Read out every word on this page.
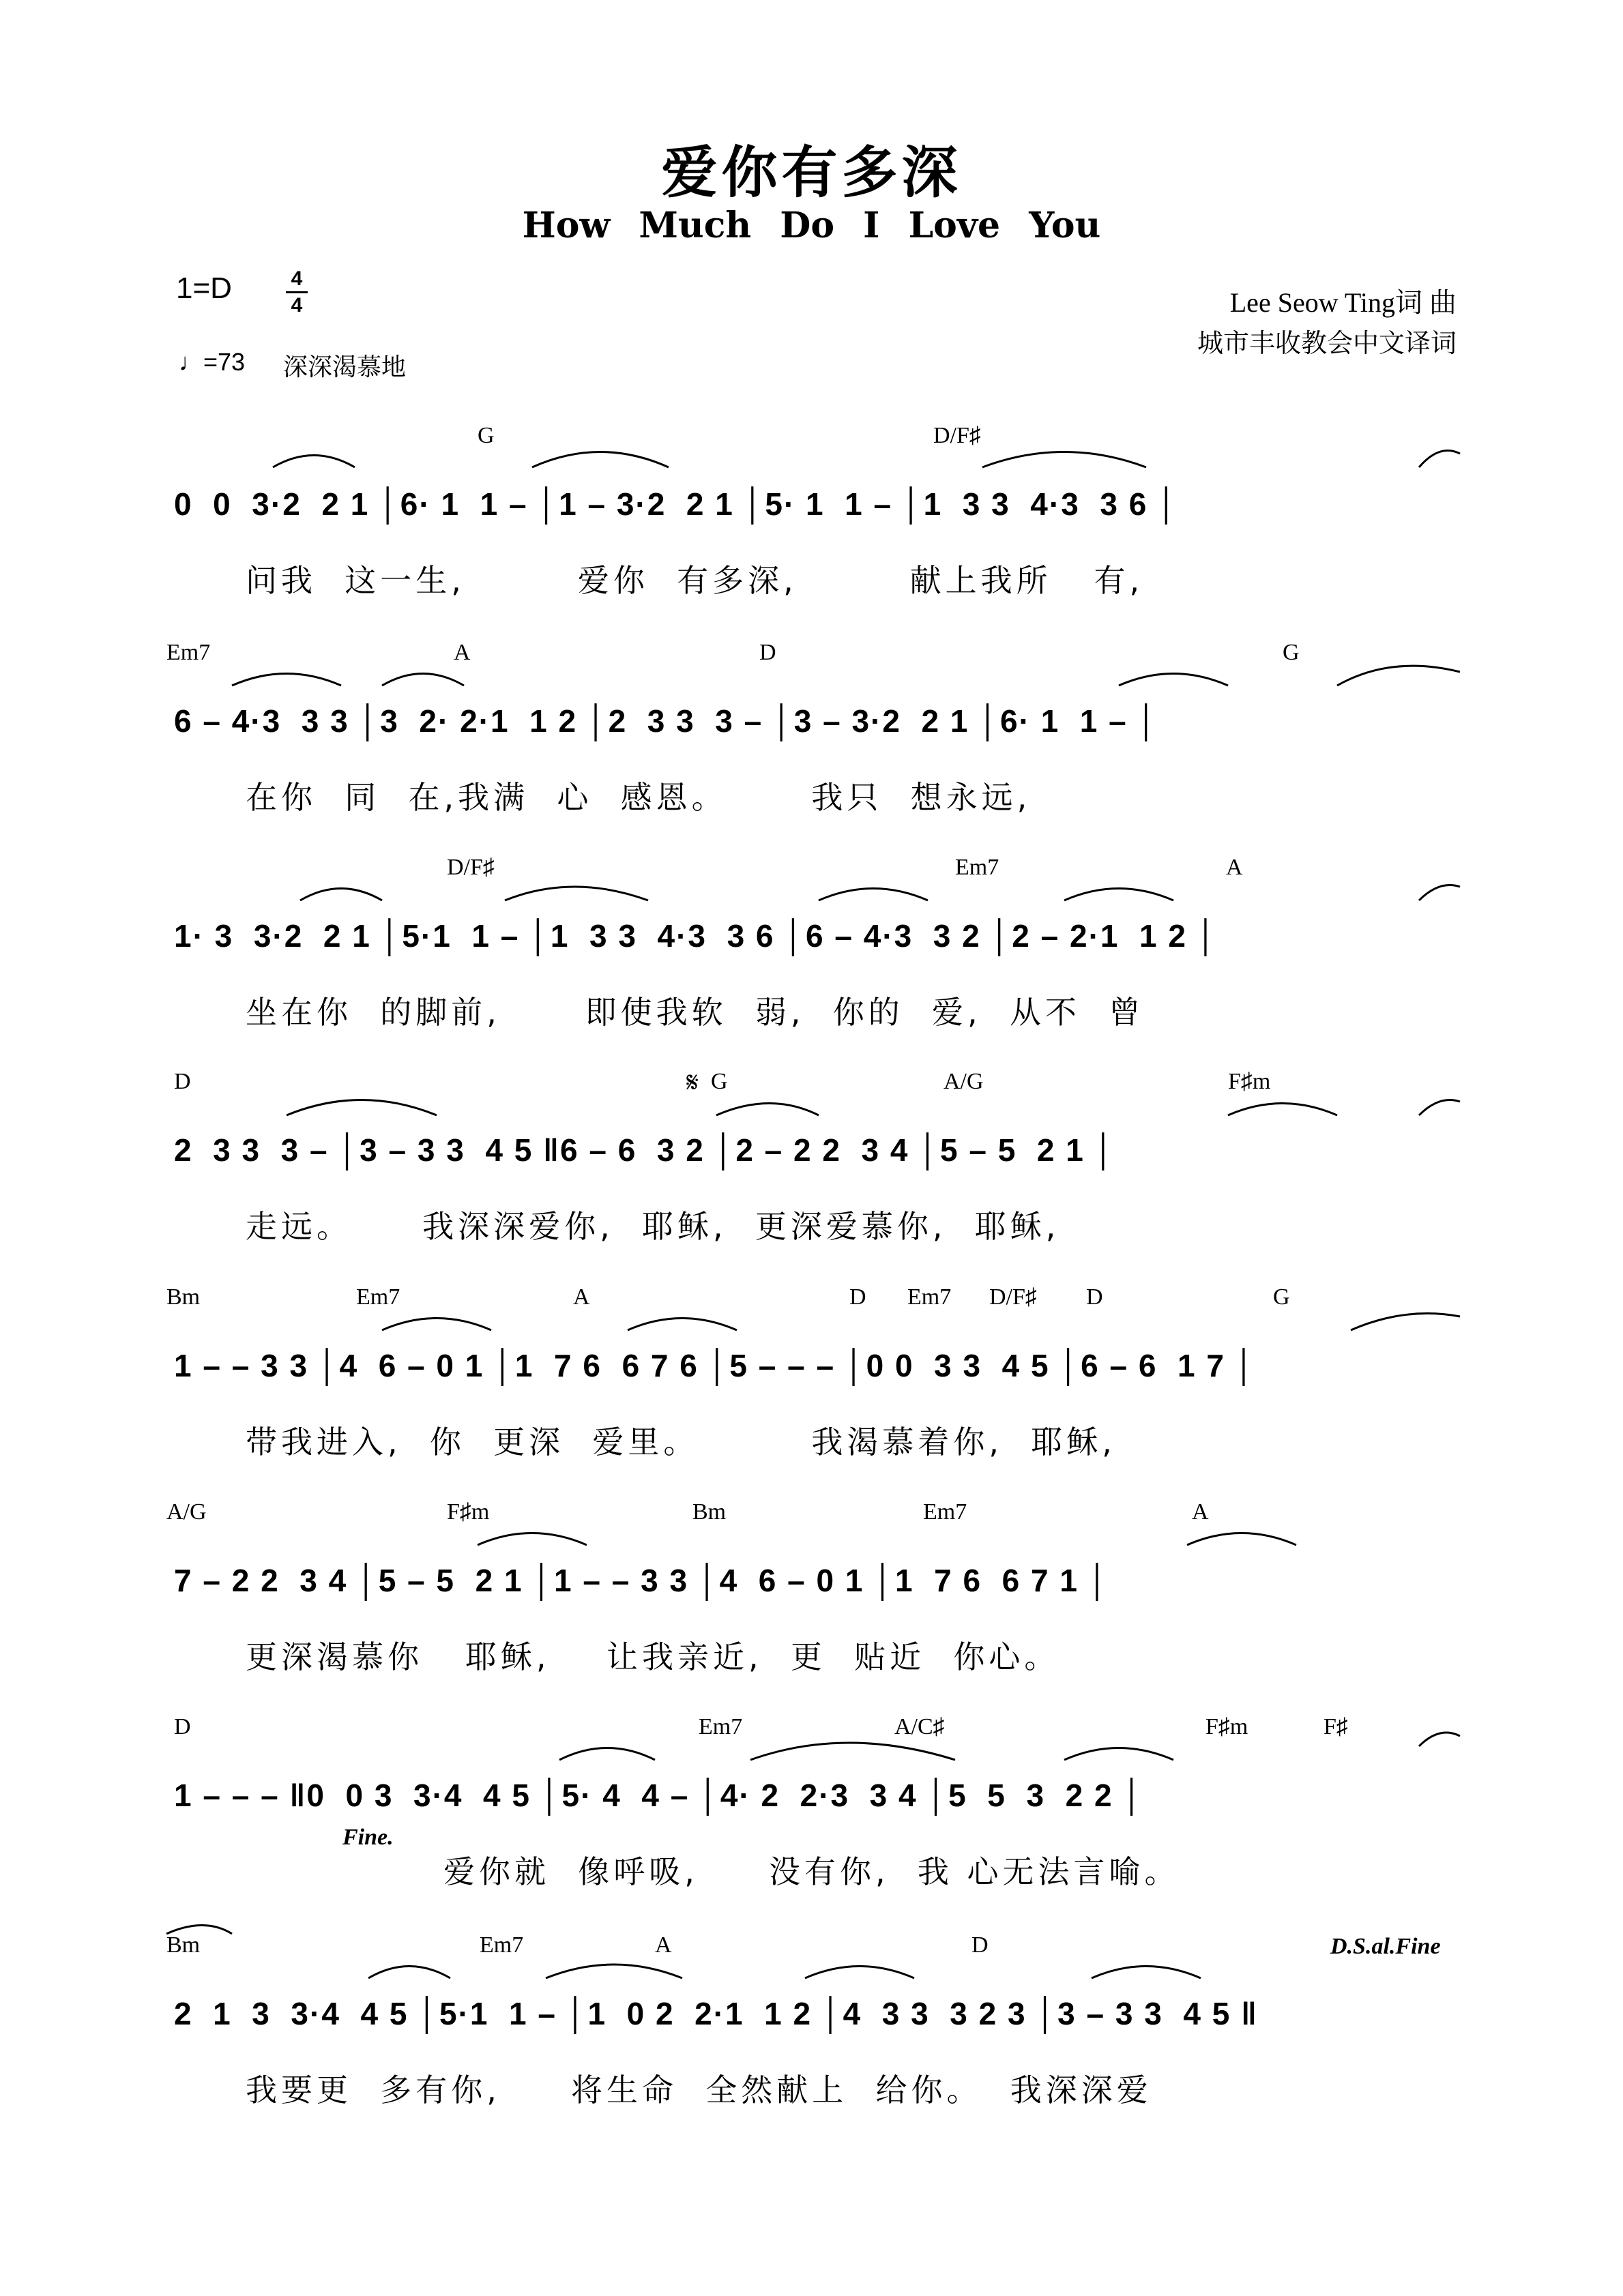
爱你有多深
How Much Do I Love You
1=D	4
4
♩=73 深深渴慕地
Lee Seow Ting词 曲
城市丰收教会中文译词
G	D/F♯
0  0  3·2  2 1 │6· 1  1 – │1 – 3·2  2 1 │5· 1  1 – │1  3 3  4·3  3 6 │
问我  这一生,        爱你  有多深,        献上我所   有,
Em7	A	D	G
6 – 4·3  3 3 │3  2· 2·1  1 2 │2  3 3  3 – │3 – 3·2  2 1 │6· 1  1 – │
在你  同  在,我满  心  感恩。      我只  想永远,
D/F♯	Em7	A
1· 3  3·2  2 1 │5·1  1 – │1  3 3  4·3  3 6 │6 – 4·3  3 2 │2 – 2·1  1 2 │
坐在你  的脚前,      即使我软  弱,  你的  爱,  从不  曾
D	G	A/G	F♯m
2  3 3  3 – │3 – 3 3  4 5 ‖6 – 6  3 2 │2 – 2 2  3 4 │5 – 5  2 1 │
走远。     我深深爱你,  耶稣,  更深爱慕你,  耶稣,
Bm	Em7	A	D Em7 D/F♯ D	G
1 – – 3 3 │4  6 – 0 1 │1  7 6  6 7 6 │5 – – – │0 0  3 3  4 5 │6 – 6  1 7 │
带我进入,  你  更深  爱里。        我渴慕着你,  耶稣,
A/G	F♯m	Bm	Em7	A
7 – 2 2  3 4 │5 – 5  2 1 │1 – – 3 3 │4  6 – 0 1 │1  7 6  6 7 1 │
更深渴慕你   耶稣,    让我亲近,  更  贴近  你心。
D	Em7	A/C♯	F♯m	F♯
1 – – – ‖0  0 3  3·4  4 5 │5· 4  4 – │4· 2  2·3  3 4 │5  5  3  2 2 │
爱你就  像呼吸,     没有你,  我 心无法言喻。
Bm	Em7	A	D
2  1  3  3·4  4 5 │5·1  1 – │1  0 2  2·1  1 2 │4  3 3  3 2 3 │3 – 3 3  4 5 ‖
我要更  多有你,     将生命  全然献上  给你。  我深深爱
𝄋
Fine.
D.S.al.Fine
